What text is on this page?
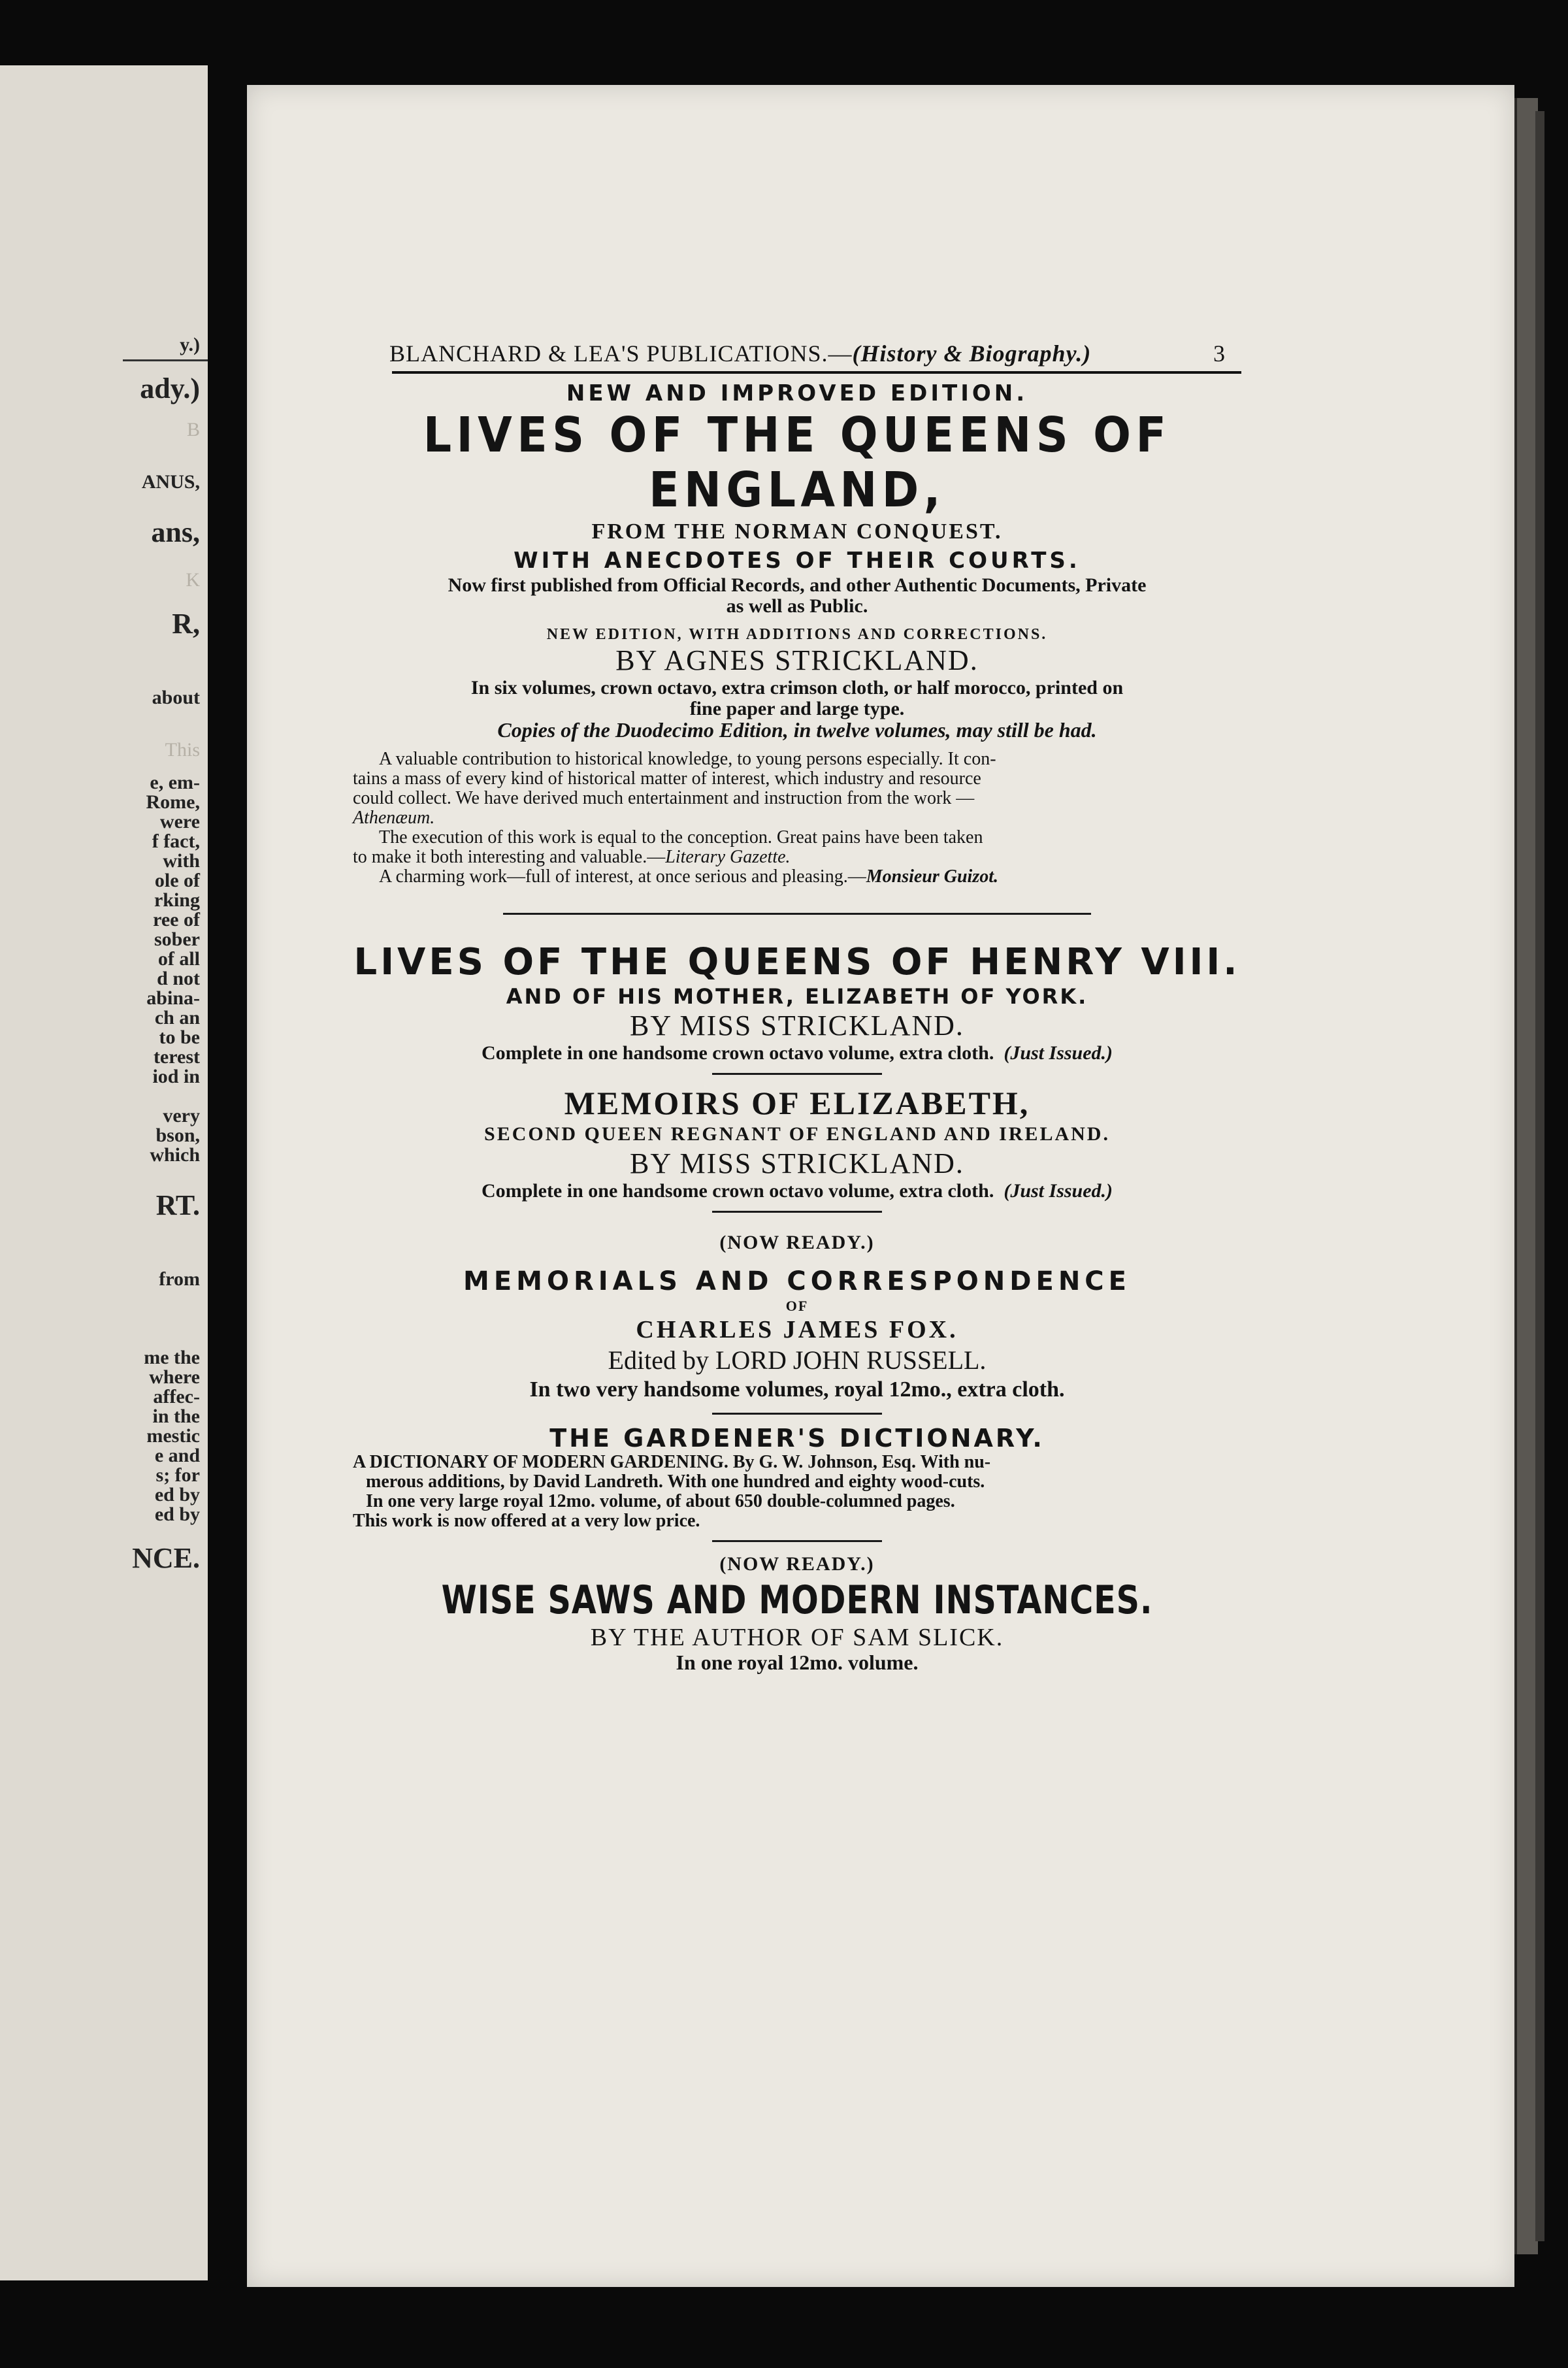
y.)
ady.)
B
ANUS,
ans,
K
R,
about
This
e, em-
Rome,
were
f fact,
with
ole of
rking
ree of
sober
of all
d not
abina-
ch an
to be
terest
iod in
very
bson,
which
RT.
from
me the
where
affec-
in the
mestic
e and
s; for
ed by
ed by
NCE.
BLANCHARD & LEA'S PUBLICATIONS.—(History & Biography.)	3

NEW AND IMPROVED EDITION.

LIVES OF THE QUEENS OF ENGLAND,

FROM THE NORMAN CONQUEST.

WITH ANECDOTES OF THEIR COURTS.

Now first published from Official Records, and other Authentic Documents, Private

as well as Public.

NEW EDITION, WITH ADDITIONS AND CORRECTIONS.

BY AGNES STRICKLAND.

In six volumes, crown octavo, extra crimson cloth, or half morocco, printed on

fine paper and large type.

Copies of the Duodecimo Edition, in twelve volumes, may still be had.

A valuable contribution to historical knowledge, to young persons especially. It con-

tains a mass of every kind of historical matter of interest, which industry and resource

could collect. We have derived much entertainment and instruction from the work —

Athenæum.

The execution of this work is equal to the conception. Great pains have been taken

to make it both interesting and valuable.—Literary Gazette.

A charming work—full of interest, at once serious and pleasing.—Monsieur Guizot.

LIVES OF THE QUEENS OF HENRY VIII.

AND OF HIS MOTHER, ELIZABETH OF YORK.

BY MISS STRICKLAND.

Complete in one handsome crown octavo volume, extra cloth. (Just Issued.)

MEMOIRS OF ELIZABETH,

SECOND QUEEN REGNANT OF ENGLAND AND IRELAND.

BY MISS STRICKLAND.

Complete in one handsome crown octavo volume, extra cloth. (Just Issued.)

(NOW READY.)

MEMORIALS AND CORRESPONDENCE

OF

CHARLES JAMES FOX.

Edited by LORD JOHN RUSSELL.

In two very handsome volumes, royal 12mo., extra cloth.

THE GARDENER'S DICTIONARY.

A DICTIONARY OF MODERN GARDENING. By G. W. Johnson, Esq. With nu-

merous additions, by David Landreth. With one hundred and eighty wood-cuts.

In one very large royal 12mo. volume, of about 650 double-columned pages.

This work is now offered at a very low price.

(NOW READY.)

WISE SAWS AND MODERN INSTANCES.

BY THE AUTHOR OF SAM SLICK.

In one royal 12mo. volume.
